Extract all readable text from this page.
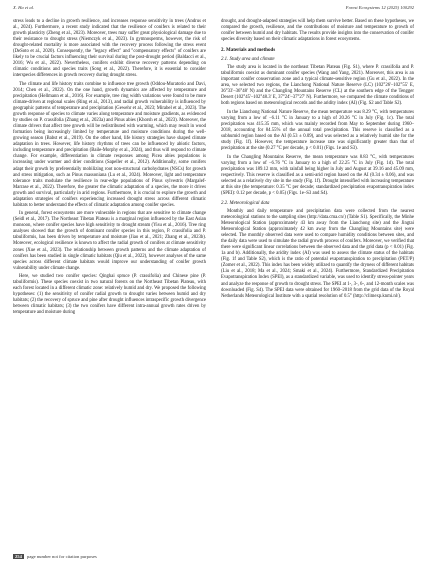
X. Ha et al.	Forest Ecosystems 12 (2025) 100292

stress leads to a decline in growth resilience, and increases response sensitivity in trees (Andrus et al., 2024). Furthermore, a recent study indicated that the resilience of conifers is related to their growth plasticity (Zheng et al., 2023). Moreover, trees may suffer great physiological damage due to their resistance to drought stress (Niemczyk et al., 2023). In gymnosperms, however, the risk of drought-related mortality is more associated with the recovery process following the stress event (DeSoto et al., 2020). Consequently, the "legacy effect" and "compensatory effects" of conifers are likely to be crucial factors influencing their survival during the post-drought period (Baldacci et al., 2016; Wu et al., 2022). Nevertheless, conifers exhibit diverse recovery patterns depending on climatic conditions and species traits (Song et al., 2022). Therefore, it is essential to consider interspecies differences in growth recovery during drought stress.

The climate and life history traits combine to influence tree growth (Oddou-Muratorio and Davi, 2014; Chen et al., 2022). On the one hand, growth dynamics are affected by temperature and precipitation (Hellmann et al., 2016). For example, tree ring width variations were found to be more climate-driven at regional scales (Ring et al., 2013), and radial growth vulnerability is influenced by geographic patterns of temperature and precipitation (Gewehr et al., 2023; Mirabel et al., 2023). The growth response of species to climate varies along temperature and moisture gradients, as evidenced by studies on P. crassifolia (Zhang et al., 2023a) and Pinus abies (Khorsh et al., 2023). Moreover, the climate drivers that affect tree growth will be redistributed with warming, which may result in wood formation being increasingly limited by temperature and moisture conditions during the well-growing season (Babst et al., 2019). On the other hand, life history strategies have shaped climate adaptation in trees. However, life history rhythms of trees can be influenced by abiotic factors, including temperature and precipitation (Baile-Morphy et al., 2024), and thus will respond to climate change. For example, differentiation in climate responses among Picea abies populations is increasing under warmer and drier conditions (Sapeller et al., 2012). Additionally, some conifers adapt their growth by preferentially mobilizing root non-structural carbohydrates (NSCs) for growth and stress mitigation, such as Pinus massoniana (Lu et al., 2024). Moreover, light and temperature tolerance traits modulate the resilience in rear-edge populations of Pinus sylvestris (Margalef-Marrase et al., 2022). Therefore, the greater the climatic adaptation of a species, the more it drives growth and survival, particularly in arid regions. Furthermore, it is crucial to explore the growth and adaptation strategies of conifers experiencing increased drought stress across different climatic habitats to better understand the effects of climatic adaptation among conifer species.

In general, forest ecosystems are more vulnerable in regions that are sensitive to climate change (Seidl et al., 2017). The Northeast Tibetan Plateau is a marginal region influenced by the East Asian monsoon, where conifer species have high sensitivity to drought stream (Yisu et al., 2016). Tree ring analyses showed that the growth of dominant conifer species in this region, P. crassifolia and P. tabuliformis, has been driven by temperature and moisture (Jiao et al., 2021; Zhang et al., 2023b). Moreover, ecological resilience is known to affect the radial growth of conifers at climate sensitivity zones (Xue et al., 2023). The relationship between growth patterns and the climate adaptation of conifers has been studied in single climatic habitats (Qiu et al., 2022), however analyses of the same species across different climate habitats would improve our understanding of conifer growth vulnerability under climate change.

Here, we studied two conifer species: Qinghai spruce (P. crassifolia) and Chinese pine (P. tabuliformis). These species coexist in two natural forests on the Northeast Tibetan Plateau, with each forest located in a different climatic zone: relatively humid and dry. We proposed the following hypotheses: (1) the sensitivity of conifer radial growth to drought varies between humid and dry habitats; (2) the recovery of spruce and pine after drought influences intraspecific growth divergence between climatic habitats; (3) the two conifers have different intra-annual growth rates driven by temperature and moisture during

drought, and drought-adapted strategies will help them survive better. Based on these hypotheses, we compared the growth, resilience, and the contributions of moisture and temperature to growth of conifer between humid and dry habitats. The results provide insights into the conservation of conifer species diversity based on their climatic adaptations in forest ecosystems.

2. Materials and methods
2.1. Study area and climate

The study area is located in the northeast Tibetan Plateau (Fig. S1), where P. crassifolia and P. tabuliformis coexist as dominant conifer species (Wang and Yang, 2021). Moreover, this area is an important conifer conservation zone and a typical climate-sensitive region (Gu et al., 2022). In the area, we selected two regions, the Lianchong National Nature Reserve (LC) (102°26'–102°55' E, 36°33'–36°48' N) and the Changling Mountains Reserve (CL) at the southern edge of the Tengger Desert (102°45'–102°48.3' E, 37°24'–37°27' N). Furthermore, we compared the climate conditions of both regions based on meteorological records and the aridity index (AI) (Fig. S2 and Table S2).

In the Lianchong National Nature Reserve, the mean temperature was 8.29 °C, with temperatures varying from a low of −6.11 °C in January to a high of 20.26 °C in July (Fig. 1c). The total precipitation was 415.35 mm, which was mainly recorded from May to September during 1960–2018, accounting for 84.55% of the annual total precipitation. This reserve is classified as a subhumid region based on the AI (0.53 ± 0.09), and was selected as a relatively humid site for the study (Fig. 1f). However, the temperature increase rate was significantly greater than that of precipitation at the site (0.27 °C per decade, p < 0.01) (Figs. 1e and S3).

In the Changling Mountains Reserve, the mean temperature was 8.83 °C, with temperatures varying from a low of −6.76 °C in January to a high of 22.25 °C in July (Fig. 1d). The total precipitation was 189.12 mm, with rainfall being higher in July and August at 39.16 and 45.09 mm, respectively. This reserve is classified as a semi-arid region based on the AI (0.34 ± 0.06), and was selected as a relatively dry site in the study (Fig. 1f). Drought intensified with increasing temperature at this site (the temperature: 0.35 °C per decade; standardized precipitation evapotranspiration index (SPEI): 0.12 per decade, p < 0.05) (Figs. 1e–S3 and S4).

2.2. Meteorological data

Monthly and daily temperature and precipitation data were collected from the nearest meteorological stations to the sampling sites (http://data.cma.cn/) (Table S1). Specifically, the Minhe Meteorological Station (approximately 43 km away from the Lianchong site) and the Jingtai Meteorological Station (approximately 42 km away from the Changling Mountains site) were selected. The monthly observed data were used to compare humidity conditions between sites, and the daily data were used to simulate the radial growth process of conifers. Moreover, we verified that there were significant linear correlations between the observed data and the grid data (p < 0.01) (Fig. 1a and b). Additionally, the aridity index (AI) was used to assess the climate status of the habitats (Fig. 1f and Table S2), which is the ratio of potential evapotranspiration to precipitation (PET/P) (Zomer et al., 2022). This index has been widely utilized to quantify the dryness of different habitats (Liu et al., 2018; Ma et al., 2024; Smaki et al., 2024). Furthermore, Standardized Precipitation Evapotranspiration Index (SPEI), as a standardized variable, was used to identify stress-pointer years and analyze the response of growth to drought stress. The SPEI at 1-, 3-, 6-, and 12-month scales was downloaded (Fig. S4). The SPEI data were obtained for 1960–2018 from the grid data of the Royal Netherlands Meteorological Institute with a spatial resolution of 0.5° (http://climexp.knmi.nl/).

254 page number not for citation purposes
